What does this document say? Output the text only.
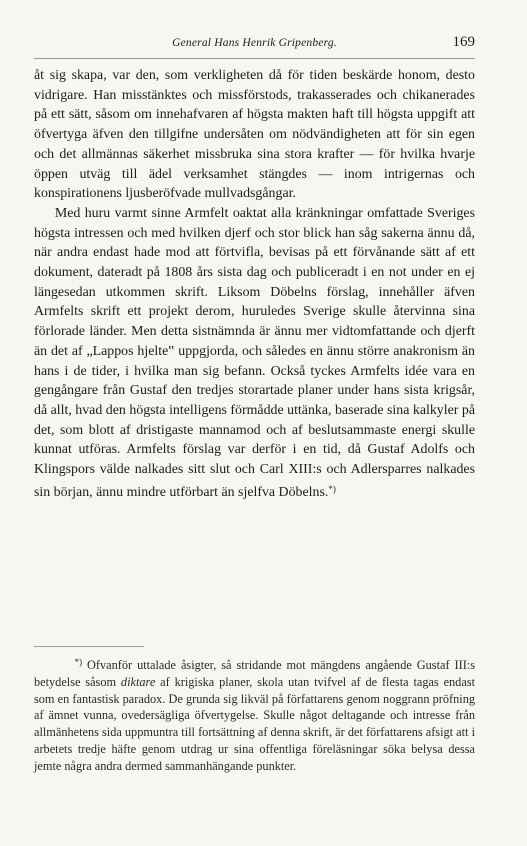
General Hans Henrik Gripenberg.	169

åt sig skapa, var den, som verkligheten då för tiden beskärde honom, desto vidrigare. Han misstänktes och missförstods, trakasserades och chikanerades på ett sätt, såsom om innehafvaren af högsta makten haft till högsta uppgift att öfvertyga äfven den tillgifne undersåten om nödvändigheten att för sin egen och det allmännas säkerhet missbruka sina stora krafter — för hvilka hvarje öppen utväg till ädel verksamhet stängdes — inom intrigernas och konspirationens ljusberöfvade mullvadsgångar.

Med huru varmt sinne Armfelt oaktat alla kränkningar omfattade Sveriges högsta intressen och med hvilken djerf och stor blick han såg sakerna ännu då, när andra endast hade mod att förtvifla, bevisas på ett förvånande sätt af ett dokument, dateradt på 1808 års sista dag och publiceradt i en not under en ej längesedan utkommen skrift. Liksom Döbelns förslag, innehåller äfven Armfelts skrift ett projekt derom, huruledes Sverige skulle återvinna sina förlorade länder. Men detta sistnämnda är ännu mer vidtomfattande och djerft än det af „Lappos hjelte‟ uppgjorda, och således en ännu större anakronism än hans i de tider, i hvilka man sig befann. Också tyckes Armfelts idée vara en gengångare från Gustaf den tredjes storartade planer under hans sista krigsår, då allt, hvad den högsta intelligens förmådde uttänka, baserade sina kalkyler på det, som blott af dristigaste mannamod och af beslutsammaste energi skulle kunnat utföras. Armfelts förslag var derför i en tid, då Gustaf Adolfs och Klingspors välde nalkades sitt slut och Carl XIII:s och Adlersparres nalkades sin början, ännu mindre utförbart än sjelfva Döbelns.*)

*) Ofvanför uttalade åsigter, så stridande mot mängdens angående Gustaf III:s betydelse såsom diktare af krigiska planer, skola utan tvifvel af de flesta tagas endast som en fantastisk paradox. De grunda sig likväl på författarens genom noggrann pröfning af ämnet vunna, ovedersägliga öfvertygelse. Skulle något deltagande och intresse från allmänhetens sida uppmuntra till fortsättning af denna skrift, är det författarens afsigt att i arbetets tredje häfte genom utdrag ur sina offentliga föreläsningar söka belysa dessa jemte några andra dermed sammanhängande punkter.
